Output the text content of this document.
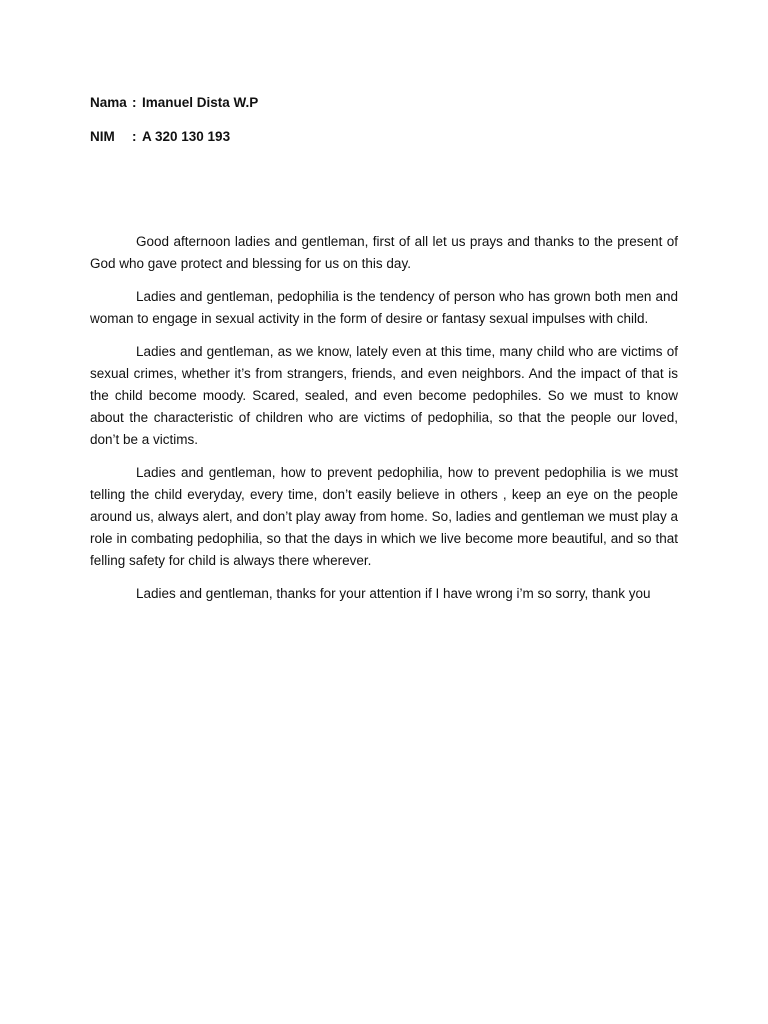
Nama : Imanuel Dista W.P
NIM	: A 320 130 193

Good afternoon ladies and gentleman, first of all let us prays and thanks to the present of God who gave protect and blessing for us on this day.

Ladies and gentleman, pedophilia is the tendency of person who has grown both men and woman to engage in sexual activity in the form of desire or fantasy sexual impulses with child.

Ladies and gentleman, as we know, lately even at this time, many child who are victims of sexual crimes, whether it’s from strangers, friends, and even neighbors. And the impact of that is the child become moody. Scared, sealed, and even become pedophiles. So we must to know about the characteristic of children who are victims of pedophilia, so that the people our loved, don’t be a victims.

Ladies and gentleman, how to prevent pedophilia, how to prevent pedophilia is we must telling the child everyday, every time, don’t easily believe in others , keep an eye on the people around us, always alert, and don’t play away from home. So, ladies and gentleman we must play a role in combating pedophilia, so that the days in which we live become more beautiful, and so that felling safety for child is always there wherever.

Ladies and gentleman, thanks for your attention if I have wrong i’m so sorry, thank you
